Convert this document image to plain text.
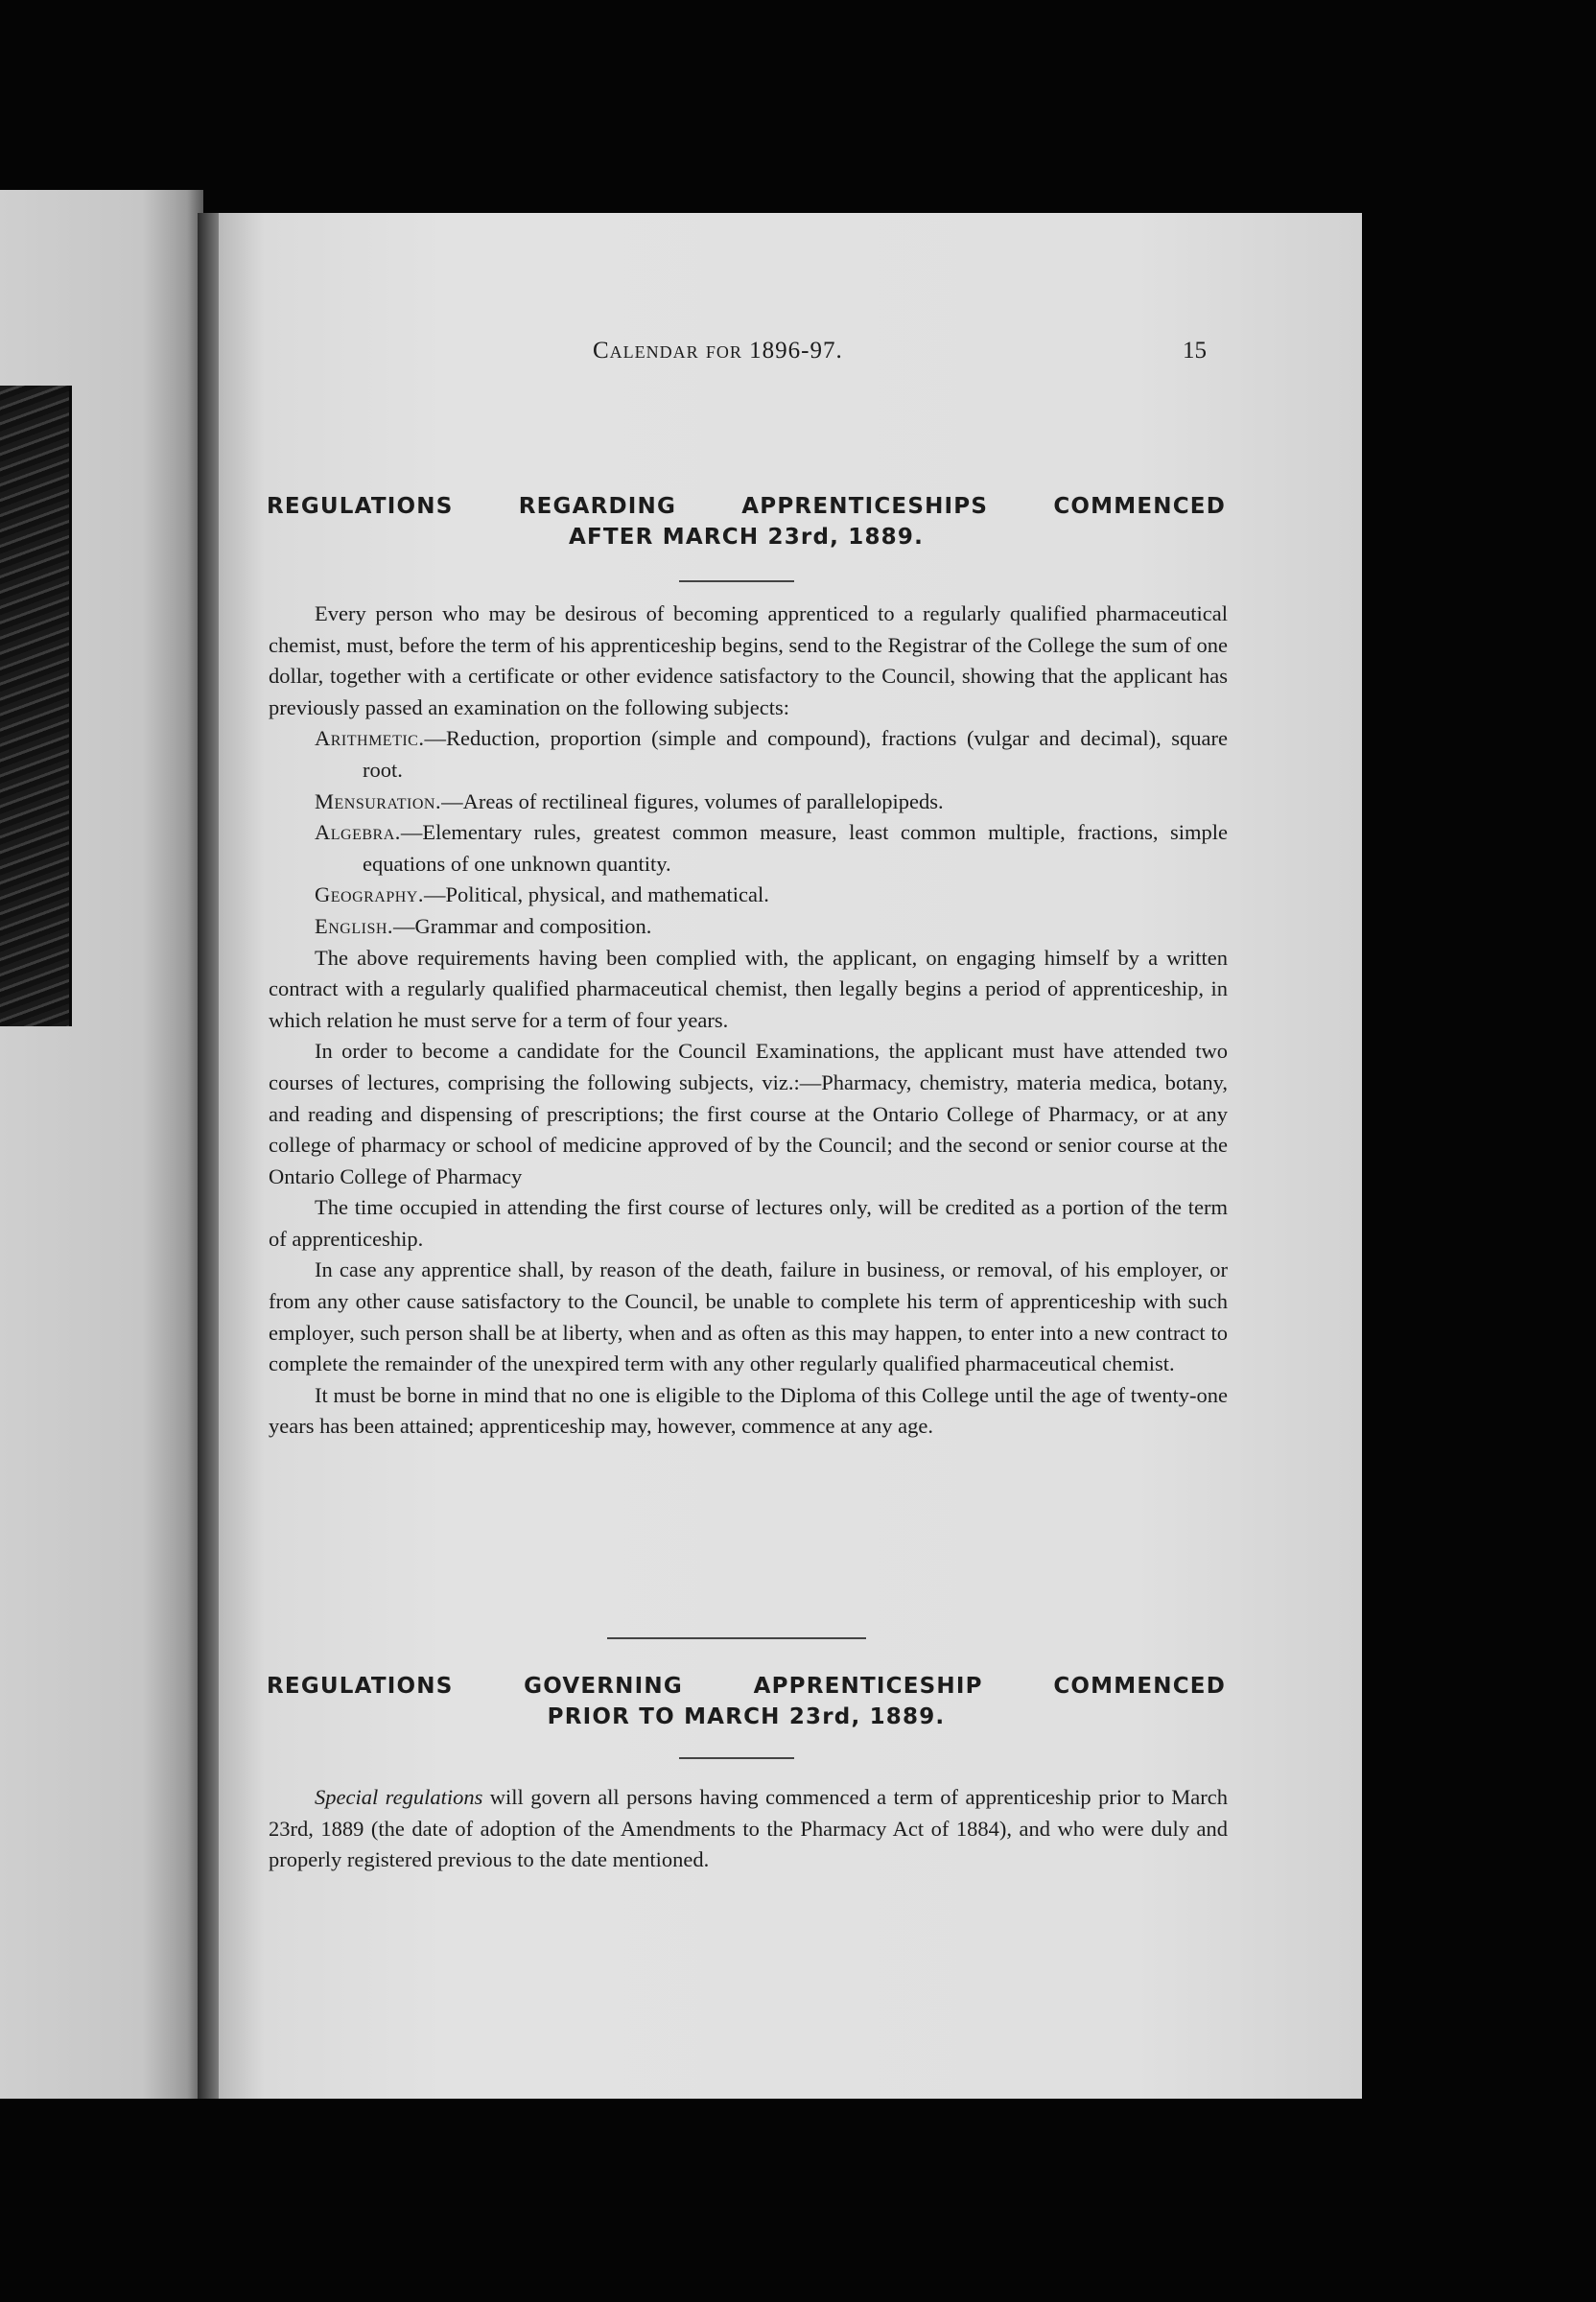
Calendar for 1896-97.	15
REGULATIONS REGARDING APPRENTICESHIPS COMMENCED
AFTER MARCH 23rd, 1889.

Every person who may be desirous of becoming apprenticed to a regularly qualified pharmaceutical chemist, must, before the term of his apprenticeship begins, send to the Registrar of the College the sum of one dollar, together with a certificate or other evidence satisfactory to the Council, showing that the applicant has previously passed an examination on the following subjects:

Arithmetic.—Reduction, proportion (simple and compound), fractions (vulgar and decimal), square root.

Mensuration.—Areas of rectilineal figures, volumes of parallelopipeds.

Algebra.—Elementary rules, greatest common measure, least common multiple, fractions, simple equations of one unknown quantity.

Geography.—Political, physical, and mathematical.

English.—Grammar and composition.

The above requirements having been complied with, the applicant, on engaging himself by a written contract with a regularly qualified pharmaceutical chemist, then legally begins a period of apprenticeship, in which relation he must serve for a term of four years.

In order to become a candidate for the Council Examinations, the applicant must have attended two courses of lectures, comprising the following subjects, viz.:—Pharmacy, chemistry, materia medica, botany, and reading and dispensing of prescriptions; the first course at the Ontario College of Pharmacy, or at any college of pharmacy or school of medicine approved of by the Council; and the second or senior course at the Ontario College of Pharmacy

The time occupied in attending the first course of lectures only, will be credited as a portion of the term of apprenticeship.

In case any apprentice shall, by reason of the death, failure in business, or removal, of his employer, or from any other cause satisfactory to the Council, be unable to complete his term of apprenticeship with such employer, such person shall be at liberty, when and as often as this may happen, to enter into a new contract to complete the remainder of the unexpired term with any other regularly qualified pharmaceutical chemist.

It must be borne in mind that no one is eligible to the Diploma of this College until the age of twenty-one years has been attained; apprenticeship may, however, commence at any age.

REGULATIONS GOVERNING APPRENTICESHIP COMMENCED
PRIOR TO MARCH 23rd, 1889.

Special regulations will govern all persons having commenced a term of apprenticeship prior to March 23rd, 1889 (the date of adoption of the Amendments to the Pharmacy Act of 1884), and who were duly and properly registered previous to the date mentioned.
